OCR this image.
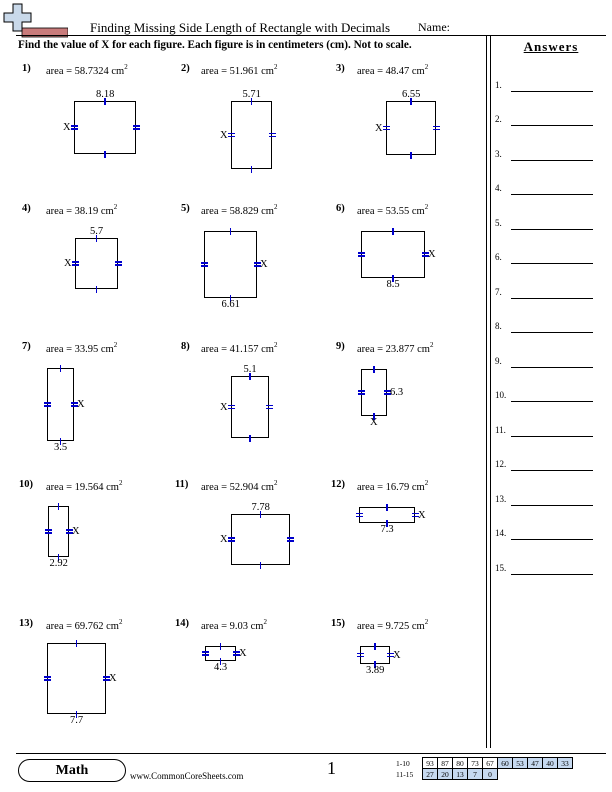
Finding Missing Side Length of Rectangle with Decimals Name:
Find the value of X for each figure. Each figure is in centimeters (cm). Not to scale.	Answers
1.
2.
3.
4.
5.
6.
7.
8.
9.
10.
11.
12.
13.
14.
15.
1) area = 58.7324 $cm^2$
8.18
X
2) area = 51.961 $cm^2$
5.71
X
3) area = 48.47 $cm^2$
6.55
X
4) area = 38.19 $cm^2$
5.7
X
5) area = 58.829 $cm^2$
6.61
X
6) area = 53.55 $cm^2$
8.5
X
7) area = 33.95 $cm^2$
3.5
X
8) area = 41.157 $cm^2$
5.1
X
9) area = 23.877 $cm^2$
6.3
X
10) area = 19.564 $cm^2$
2.92
X
11) area = 52.904 $cm^2$
7.78
X
12) area = 16.79 $cm^2$
7.3
X
13) area = 69.762 $cm^2$
7.7
X
14) area = 9.03 $cm^2$
4.3
X
15) area = 9.725 $cm^2$
3.89
X
Math	www.CommonCoreSheets.com	1	1-10	93	87	80	73	67	60	53	47	40	33
11-15	27	20	13	7	0					
